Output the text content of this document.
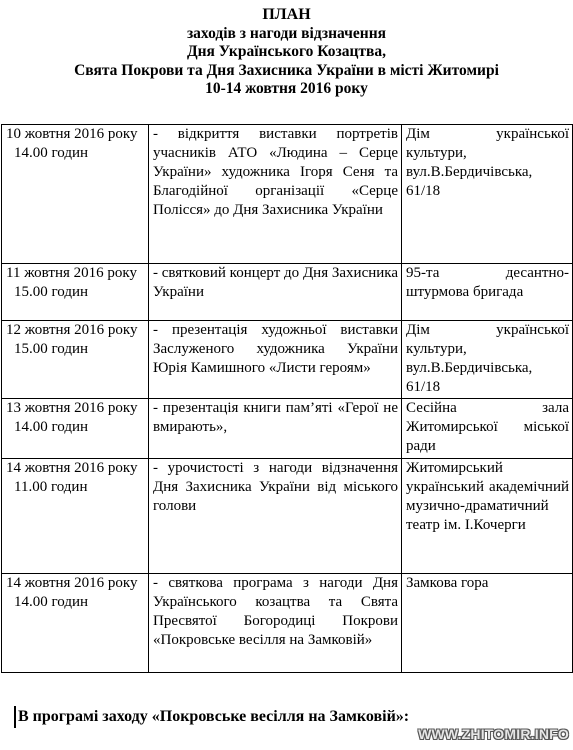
ПЛАН
заходів з нагоди відзначення
Дня Українського Козацтва,
Свята Покрови та Дня Захисника України в місті Житомирі
10-14 жовтня 2016 року
10 жовтня 2016 року
14.00 годин	- відкриття виставки портретів учасників АТО «Людина – Серце України» художника Ігоря Сеня та Благодійної організації «Серце Полісся» до Дня Захисника України	Дім української культури, вул.В.Бердичівська, 61/18

11 жовтня 2016 року
15.00 годин	- святковий концерт до Дня Захисника України	95-та десантно-штурмова бригада

12 жовтня 2016 року
15.00 годин	- презентація художньої виставки Заслуженого художника України Юрія Камишного «Листи героям»	Дім української культури, вул.В.Бердичівська, 61/18

13 жовтня 2016 року
14.00 годин	- презентація книги пам’яті «Герої не вмирають»,	Сесійна зала Житомирської міської ради

14 жовтня 2016 року
11.00 годин	- урочистості з нагоди відзначення Дня Захисника України від міського голови	Житомирський український академічний музично-драматичний театр ім. І.Кочерги

14 жовтня 2016 року
14.00 годин	- святкова програма з нагоди Дня Українського козацтва та Свята Пресвятої Богородиці Покрови «Покровське весілля на Замковій»	Замкова гора
В програмі заходу «Покровське весілля на Замковій»:
WWW.ZHITOMIR.INFO
